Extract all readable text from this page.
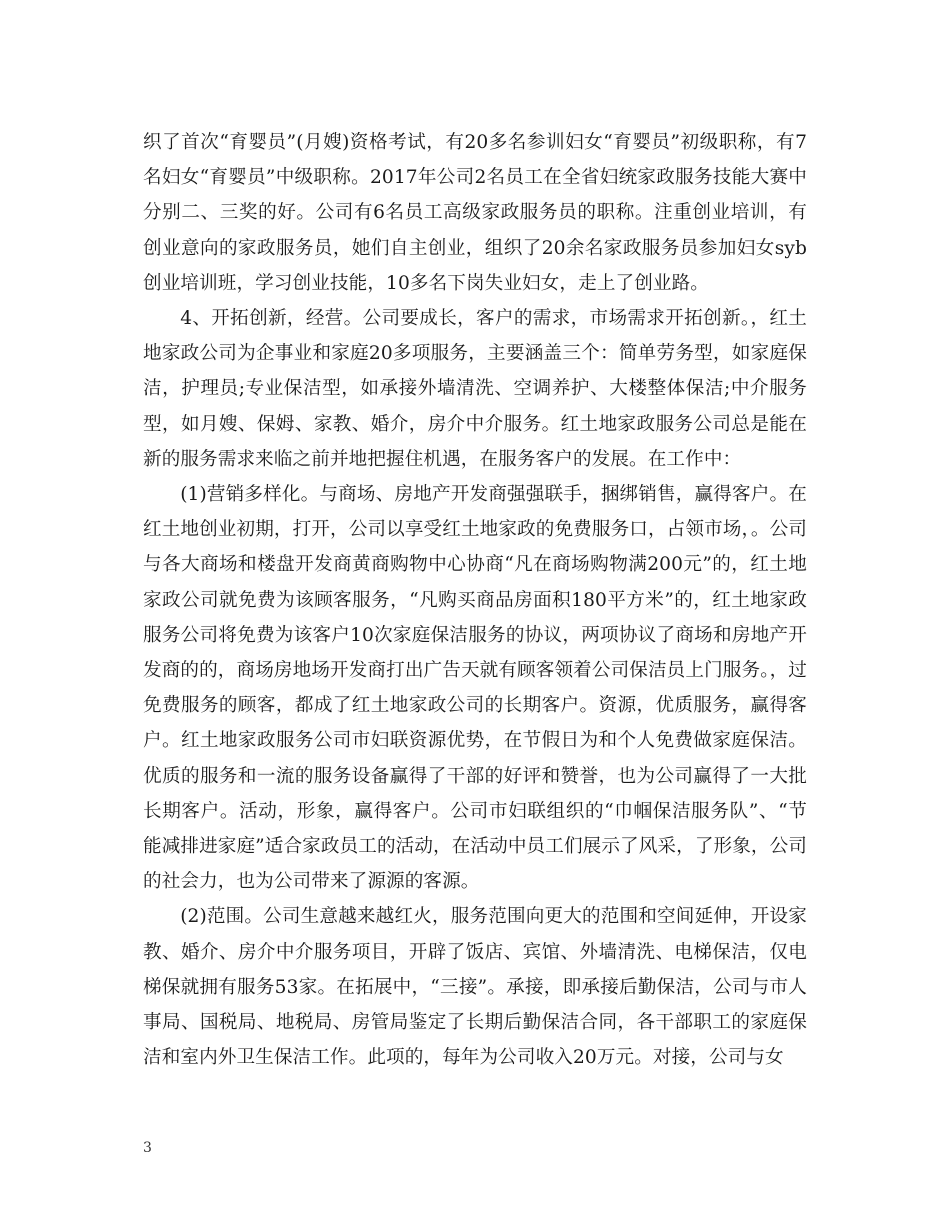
织了首次“育婴员”(月嫂)资格考试，有20多名参训妇女“育婴员”初级职称，有7名妇女“育婴员”中级职称。2017年公司2名员工在全省妇统家政服务技能大赛中分别二、三奖的好。公司有6名员工高级家政服务员的职称。注重创业培训，有创业意向的家政服务员，她们自主创业，组织了20余名家政服务员参加妇女syb创业培训班，学习创业技能，10多名下岗失业妇女，走上了创业路。

4、开拓创新，经营。公司要成长，客户的需求，市场需求开拓创新。，红土地家政公司为企事业和家庭20多项服务，主要涵盖三个：简单劳务型，如家庭保洁，护理员;专业保洁型，如承接外墙清洗、空调养护、大楼整体保洁;中介服务型，如月嫂、保姆、家教、婚介，房介中介服务。红土地家政服务公司总是能在新的服务需求来临之前并地把握住机遇，在服务客户的发展。在工作中：

(1)营销多样化。与商场、房地产开发商强强联手，捆绑销售，赢得客户。在红土地创业初期，打开，公司以享受红土地家政的免费服务口，占领市场，。公司与各大商场和楼盘开发商黄商购物中心协商“凡在商场购物满200元”的，红土地家政公司就免费为该顾客服务，“凡购买商品房面积180平方米”的，红土地家政服务公司将免费为该客户10次家庭保洁服务的协议，两项协议了商场和房地产开发商的的，商场房地场开发商打出广告天就有顾客领着公司保洁员上门服务。，过免费服务的顾客，都成了红土地家政公司的长期客户。资源，优质服务，赢得客户。红土地家政服务公司市妇联资源优势，在节假日为和个人免费做家庭保洁。优质的服务和一流的服务设备赢得了干部的好评和赞誉，也为公司赢得了一大批长期客户。活动，形象，赢得客户。公司市妇联组织的“巾帼保洁服务队”、“节能减排进家庭”适合家政员工的活动，在活动中员工们展示了风采，了形象，公司的社会力，也为公司带来了源源的客源。

(2)范围。公司生意越来越红火，服务范围向更大的范围和空间延伸，开设家教、婚介、房介中介服务项目，开辟了饭店、宾馆、外墙清洗、电梯保洁，仅电梯保就拥有服务53家。在拓展中，“三接”。承接，即承接后勤保洁，公司与市人事局、国税局、地税局、房管局鉴定了长期后勤保洁合同，各干部职工的家庭保洁和室内外卫生保洁工作。此项的，每年为公司收入20万元。对接，公司与女

3
